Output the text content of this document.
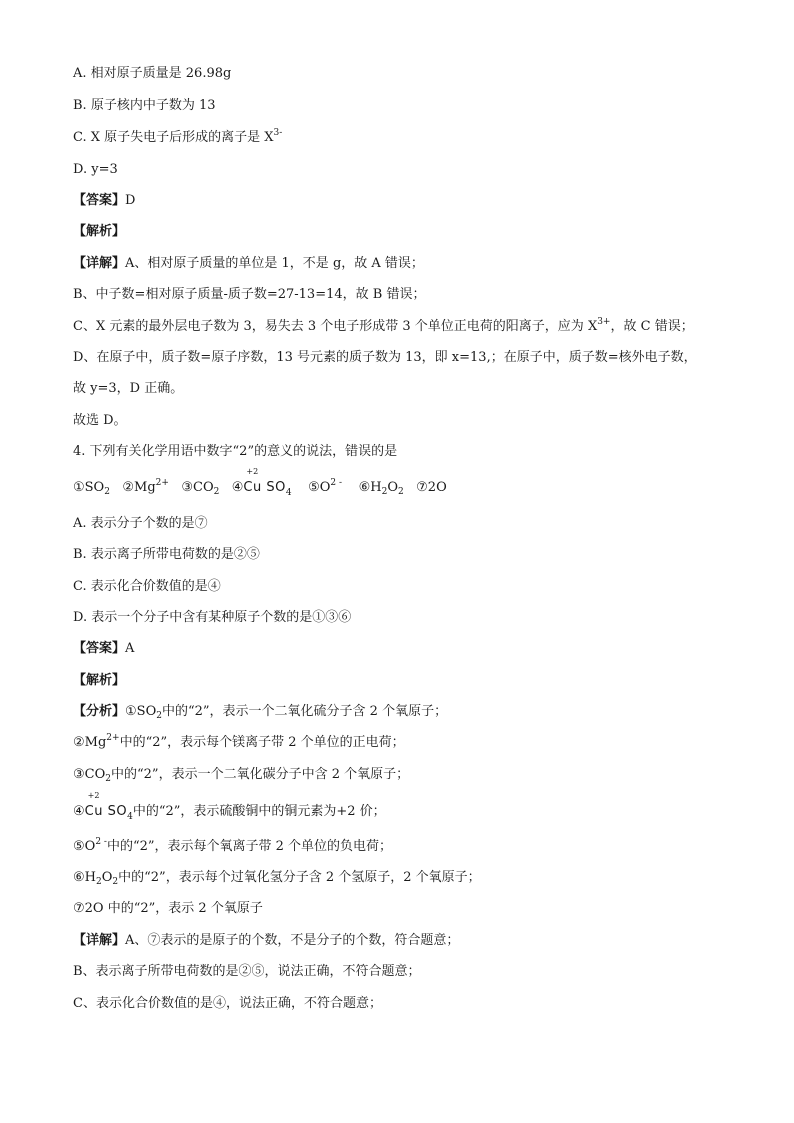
A. 相对原子质量是 26.98g
B. 原子核内中子数为 13
C. X 原子失电子后形成的离子是 $X^{3-}$
D. y=3
【答案】D
【解析】
【详解】A、相对原子质量的单位是 1，不是 g，故 A 错误；
B、中子数=相对原子质量-质子数=27-13=14，故 B 错误；
C、X 元素的最外层电子数为 3，易失去 3 个电子形成带 3 个单位正电荷的阳离子，应为 $X^{3+}$，故 C 错误；
D、在原子中，质子数=原子序数，13 号元素的质子数为 13，即 x=13,；在原子中，质子数=核外电子数，
故 y=3，D 正确。
故选 D。
4. 下列有关化学用语中数字“2”的意义的说法，错误的是
$①SO_2$ $②Mg^{2+}$ $③CO_2$ ④
+2
Cu $SO_4$ $⑤O^{2 -}$ $⑥H_2O_2$ ⑦2O
A. 表示分子个数的是⑦
B. 表示离子所带电荷数的是②⑤
C. 表示化合价数值的是④
D. 表示一个分子中含有某种原子个数的是①③⑥
【答案】A
【解析】
【分析】$①SO_2$中的“2”，表示一个二氧化硫分子含 2 个氧原子；
$②Mg^{2+}$中的“2”，表示每个镁离子带 2 个单位的正电荷；
$③CO_2$中的“2”，表示一个二氧化碳分子中含 2 个氧原子；
④
+2
Cu $SO_4$中的“2”，表示硫酸铜中的铜元素为+2 价；
$⑤O^{2 -}$中的“2”，表示每个氧离子带 2 个单位的负电荷；
$⑥H_2O_2$中的“2”，表示每个过氧化氢分子含 2 个氢原子，2 个氧原子；
⑦2O 中的“2”，表示 2 个氧原子
【详解】A、⑦表示的是原子的个数，不是分子的个数，符合题意；
B、表示离子所带电荷数的是②⑤，说法正确，不符合题意；
C、表示化合价数值的是④，说法正确，不符合题意；
